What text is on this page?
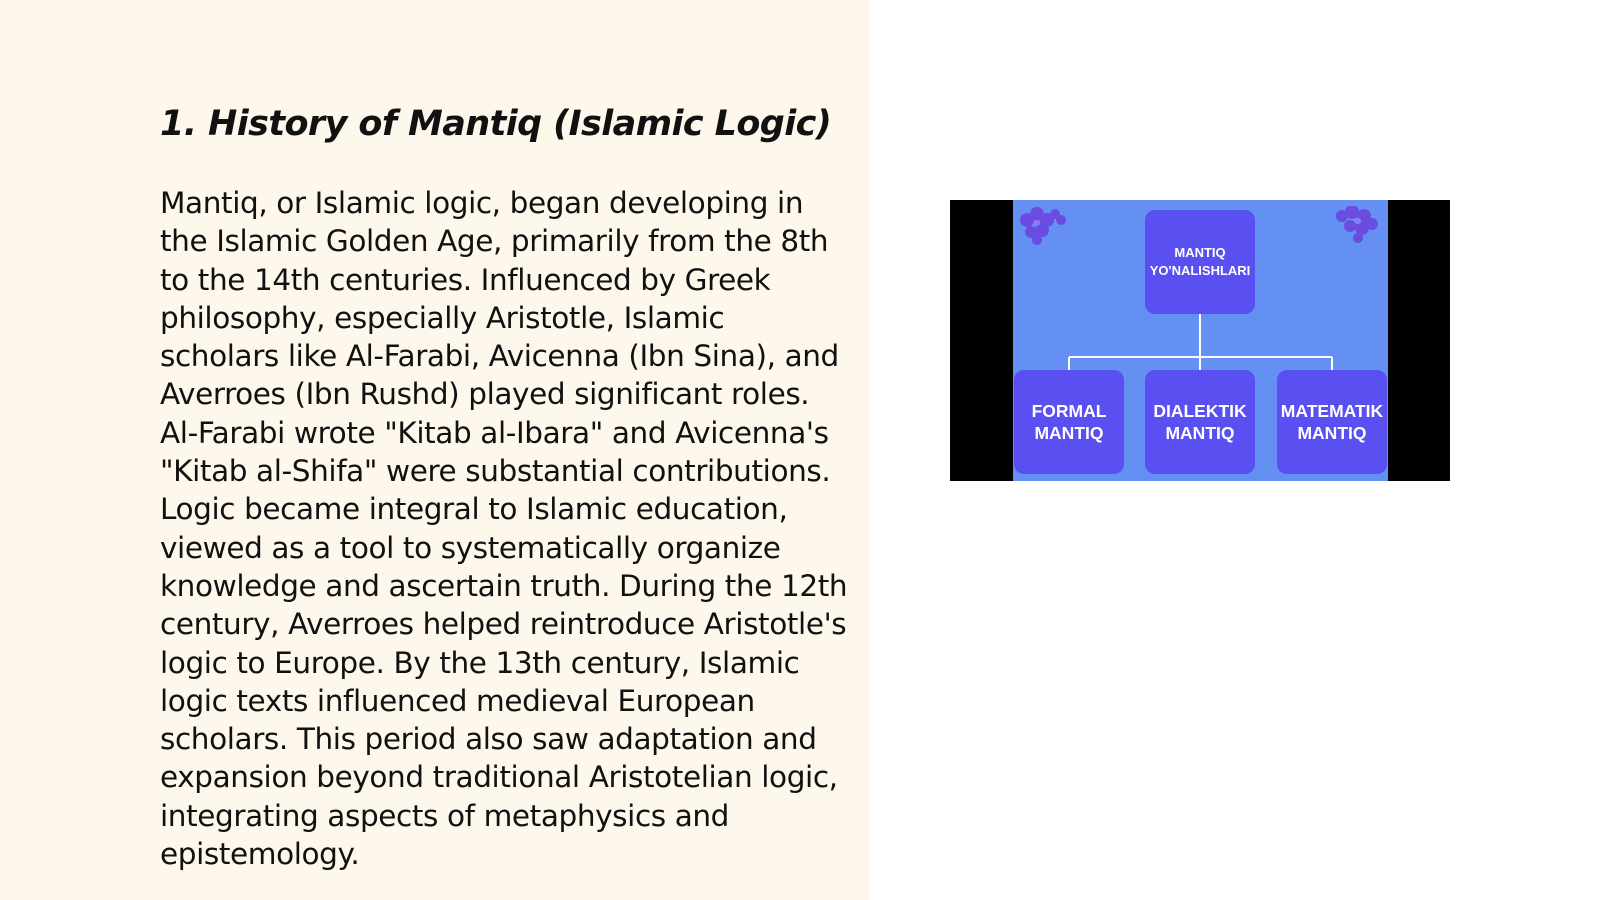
1. History of Mantiq (Islamic Logic)

Mantiq, or Islamic logic, began developing in the Islamic Golden Age, primarily from the 8th to the 14th centuries. Influenced by Greek philosophy, especially Aristotle, Islamic scholars like Al-Farabi, Avicenna (Ibn Sina), and Averroes (Ibn Rushd) played significant roles. Al-Farabi wrote "Kitab al-Ibara" and Avicenna's "Kitab al-Shifa" were substantial contributions. Logic became integral to Islamic education, viewed as a tool to systematically organize knowledge and ascertain truth. During the 12th century, Averroes helped reintroduce Aristotle's logic to Europe. By the 13th century, Islamic logic texts influenced medieval European scholars. This period also saw adaptation and expansion beyond traditional Aristotelian logic, integrating aspects of metaphysics and epistemology.

MANTIQ
YO'NALISHLARI
FORMAL
MANTIQ
DIALEKTIK
MANTIQ
MATEMATIK
MANTIQ
